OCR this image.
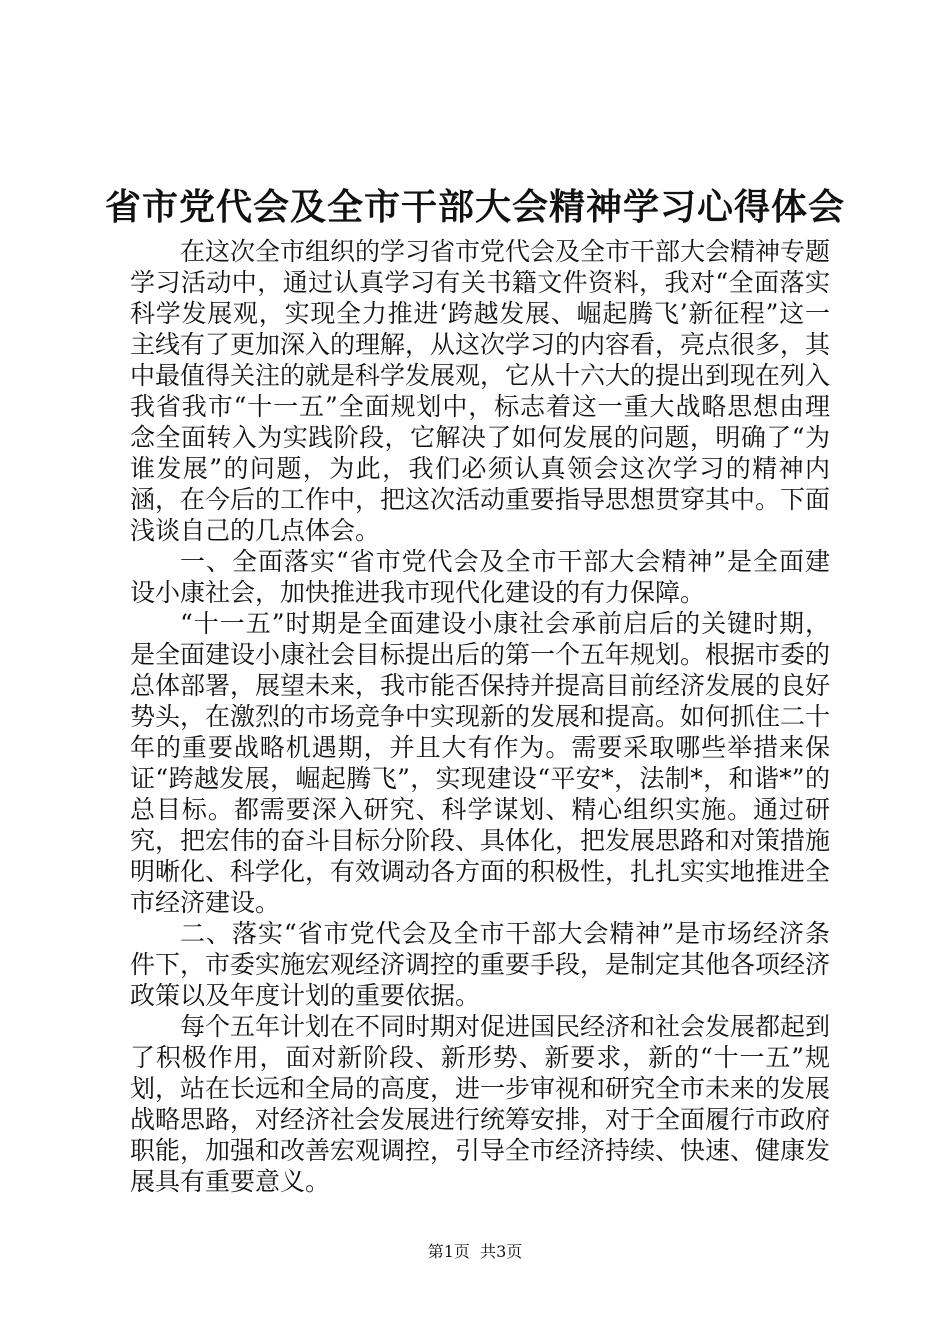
省市党代会及全市干部大会精神学习心得体会

在这次全市组织的学习省市党代会及全市干部大会精神专题学习活动中，通过认真学习有关书籍文件资料，我对“全面落实科学发展观，实现全力推进‘跨越发展、崛起腾飞’新征程”这一主线有了更加深入的理解，从这次学习的内容看，亮点很多，其中最值得关注的就是科学发展观，它从十六大的提出到现在列入我省我市“十一五”全面规划中，标志着这一重大战略思想由理念全面转入为实践阶段，它解决了如何发展的问题，明确了“为谁发展”的问题，为此，我们必须认真领会这次学习的精神内涵，在今后的工作中，把这次活动重要指导思想贯穿其中。下面浅谈自己的几点体会。

一、全面落实“省市党代会及全市干部大会精神”是全面建设小康社会，加快推进我市现代化建设的有力保障。

“十一五”时期是全面建设小康社会承前启后的关键时期，是全面建设小康社会目标提出后的第一个五年规划。根据市委的总体部署，展望未来，我市能否保持并提高目前经济发展的良好势头，在激烈的市场竞争中实现新的发展和提高。如何抓住二十年的重要战略机遇期，并且大有作为。需要采取哪些举措来保证“跨越发展，崛起腾飞”，实现建设“平安*，法制*，和谐*”的总目标。都需要深入研究、科学谋划、精心组织实施。通过研究，把宏伟的奋斗目标分阶段、具体化，把发展思路和对策措施明晰化、科学化，有效调动各方面的积极性，扎扎实实地推进全市经济建设。

二、落实“省市党代会及全市干部大会精神”是市场经济条件下，市委实施宏观经济调控的重要手段，是制定其他各项经济政策以及年度计划的重要依据。

每个五年计划在不同时期对促进国民经济和社会发展都起到了积极作用，面对新阶段、新形势、新要求，新的“十一五”规划，站在长远和全局的高度，进一步审视和研究全市未来的发展战略思路，对经济社会发展进行统筹安排，对于全面履行市政府职能，加强和改善宏观调控，引导全市经济持续、快速、健康发展具有重要意义。

第1页 共3页
